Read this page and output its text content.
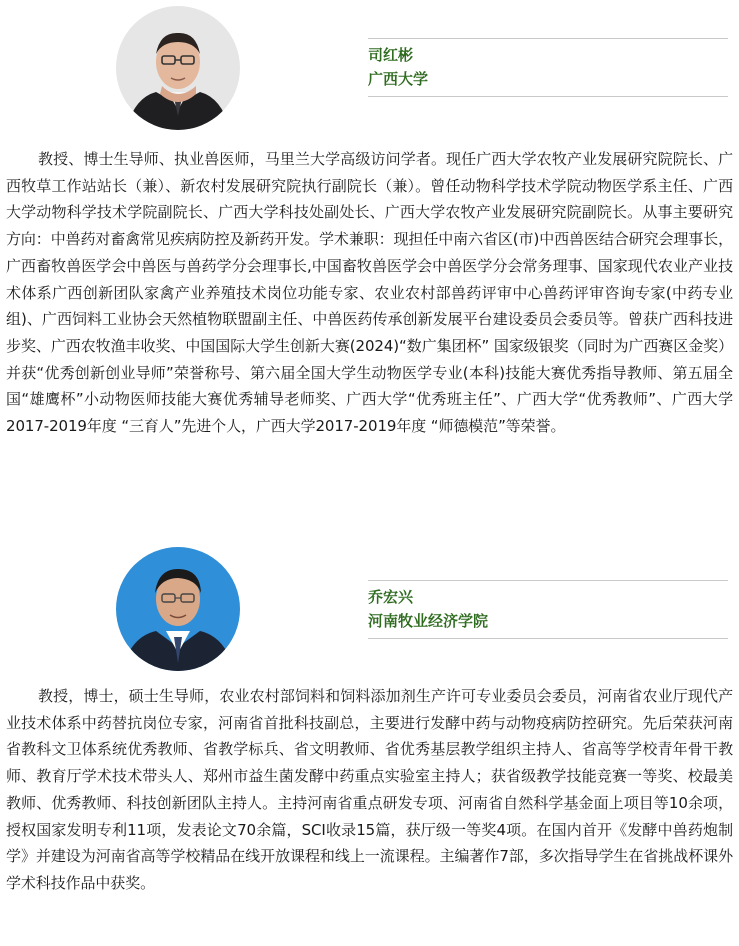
司红彬
广西大学

教授、博士生导师、执业兽医师，马里兰大学高级访问学者。现任广西大学农牧产业发展研究院院长、广西牧草工作站站长（兼）、新农村发展研究院执行副院长（兼）。曾任动物科学技术学院动物医学系主任、广西大学动物科学技术学院副院长、广西大学科技处副处长、广西大学农牧产业发展研究院副院长。从事主要研究方向：中兽药对畜禽常见疾病防控及新药开发。学术兼职：现担任中南六省区(市)中西兽医结合研究会理事长，广西畜牧兽医学会中兽医与兽药学分会理事长,中国畜牧兽医学会中兽医学分会常务理事、国家现代农业产业技术体系广西创新团队家禽产业养殖技术岗位功能专家、农业农村部兽药评审中心兽药评审咨询专家(中药专业组)、广西饲料工业协会天然植物联盟副主任、中兽医药传承创新发展平台建设委员会委员等。曾获广西科技进步奖、广西农牧渔丰收奖、中国国际大学生创新大赛(2024)“数广集团杯” 国家级银奖（同时为广西赛区金奖）并获“优秀创新创业导师”荣誉称号、第六届全国大学生动物医学专业(本科)技能大赛优秀指导教师、第五届全国“雄鹰杯”小动物医师技能大赛优秀辅导老师奖、广西大学“优秀班主任”、广西大学“优秀教师”、广西大学2017-2019年度 “三育人”先进个人，广西大学2017-2019年度 “师德模范”等荣誉。

乔宏兴
河南牧业经济学院

教授，博士，硕士生导师，农业农村部饲料和饲料添加剂生产许可专业委员会委员，河南省农业厅现代产业技术体系中药替抗岗位专家，河南省首批科技副总，主要进行发酵中药与动物疫病防控研究。先后荣获河南省教科文卫体系统优秀教师、省教学标兵、省文明教师、省优秀基层教学组织主持人、省高等学校青年骨干教师、教育厅学术技术带头人、郑州市益生菌发酵中药重点实验室主持人；获省级教学技能竞赛一等奖、校最美教师、优秀教师、科技创新团队主持人。主持河南省重点研发专项、河南省自然科学基金面上项目等10余项，授权国家发明专利11项，发表论文70余篇，SCI收录15篇，获厅级一等奖4项。在国内首开《发酵中兽药炮制学》并建设为河南省高等学校精品在线开放课程和线上一流课程。主编著作7部，多次指导学生在省挑战杯课外学术科技作品中获奖。
